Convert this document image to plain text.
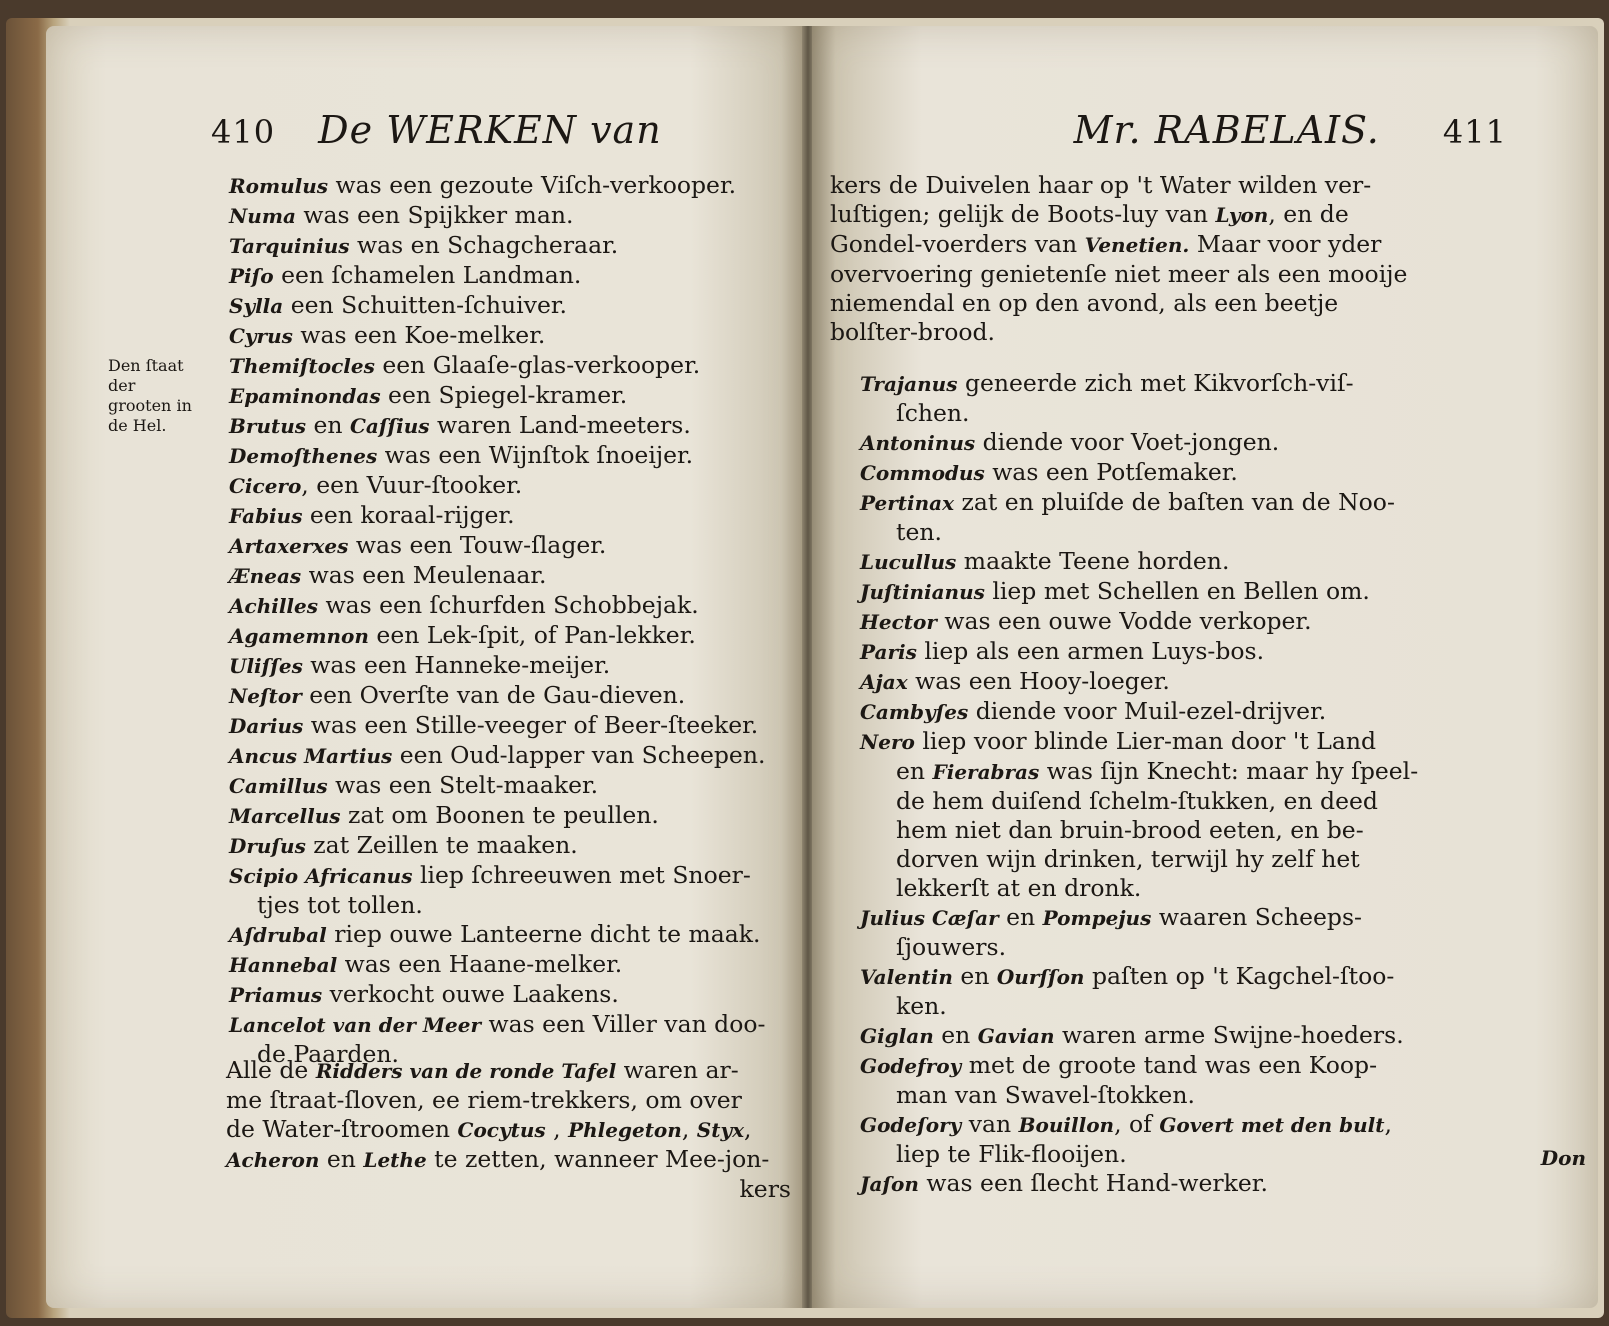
410 De WERKEN van
Den ſtaat der grooten in de Hel.
Romulus was een gezoute Viſch-verkooper.
Numa was een Spijkker man.
Tarquinius was en Schagcheraar.
Piſo een ſchamelen Landman.
Sylla een Schuitten-ſchuiver.
Cyrus was een Koe-melker.
Themiſtocles een Glaaſe-glas-verkooper.
Epaminondas een Spiegel-kramer.
Brutus en Caſſius waren Land-meeters.
Demoſthenes was een Wijnſtok ſnoeijer.
Cicero, een Vuur-ſtooker.
Fabius een koraal-rijger.
Artaxerxes was een Touw-ſlager.
Æneas was een Meulenaar.
Achilles was een ſchurfden Schobbejak.
Agamemnon een Lek-ſpit, of Pan-lekker.
Uliſſes was een Hanneke-meijer.
Neſtor een Overſte van de Gau-dieven.
Darius was een Stille-veeger of Beer-ſteeker.
Ancus Martius een Oud-lapper van Scheepen.
Camillus was een Stelt-maaker.
Marcellus zat om Boonen te peullen.
Druſus zat Zeillen te maaken.
Scipio Africanus liep ſchreeuwen met Snoer-
tjes tot tollen.
Aſdrubal riep ouwe Lanteerne dicht te maak.
Hannebal was een Haane-melker.
Priamus verkocht ouwe Laakens.
Lancelot van der Meer was een Viller van doo-
de Paarden.
Alle de Ridders van de ronde Tafel waren ar-
me ſtraat-ſloven, ee riem-trekkers, om over
de Water-ſtroomen Cocytus , Phlegeton, Styx,
Acheron en Lethe te zetten, wanneer Mee-jon-
kers
Mr. RABELAIS. 411
kers de Duivelen haar op 't Water wilden ver-
luſtigen; gelijk de Boots-luy van Lyon, en de
Gondel-voerders van Venetien. Maar voor yder
overvoering genietenſe niet meer als een mooije
niemendal en op den avond, als een beetje
bolſter-brood.
Trajanus geneerde zich met Kikvorſch-viſ-
ſchen.
Antoninus diende voor Voet-jongen.
Commodus was een Potſemaker.
Pertinax zat en pluiſde de baſten van de Noo-
ten.
Lucullus maakte Teene horden.
Juſtinianus liep met Schellen en Bellen om.
Hector was een ouwe Vodde verkoper.
Paris liep als een armen Luys-bos.
Ajax was een Hooy-loeger.
Cambyſes diende voor Muil-ezel-drijver.
Nero liep voor blinde Lier-man door 't Land
en Fierabras was ſijn Knecht: maar hy ſpeel-
de hem duiſend ſchelm-ſtukken, en deed
hem niet dan bruin-brood eeten, en be-
dorven wijn drinken, terwijl hy zelf het
lekkerſt at en dronk.
Julius Cæſar en Pompejus waaren Scheeps-
ſjouwers.
Valentin en Ourſſon paſten op 't Kagchel-ſtoo-
ken.
Giglan en Gavian waren arme Swijne-hoeders.
Godefroy met de groote tand was een Koop-
man van Swavel-ſtokken.
Godeſory van Bouillon, of Govert met den bult,
liep te Flik-flooijen.
Jaſon was een ſlecht Hand-werker.
Don
